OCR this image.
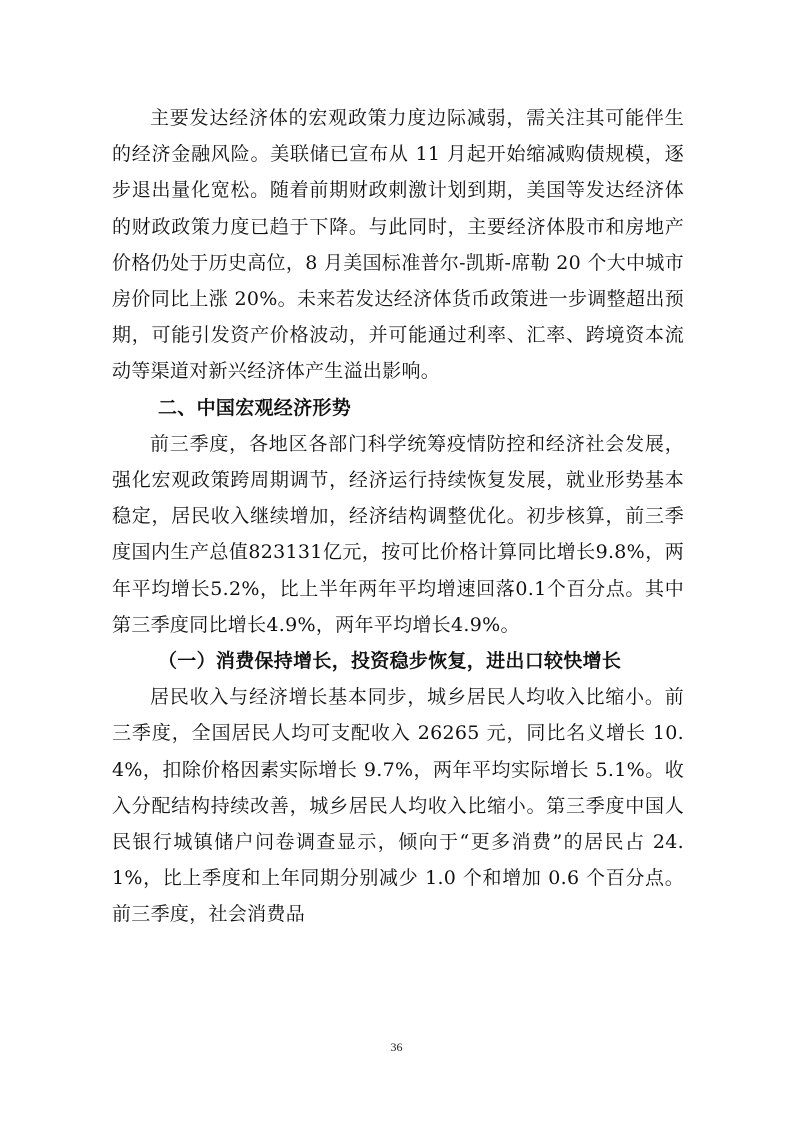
主要发达经济体的宏观政策力度边际减弱，需关注其可能伴生的经济金融风险。美联储已宣布从 11 月起开始缩减购债规模，逐步退出量化宽松。随着前期财政刺激计划到期，美国等发达经济体的财政政策力度已趋于下降。与此同时，主要经济体股市和房地产价格仍处于历史高位，8 月美国标准普尔-凯斯-席勒 20 个大中城市房价同比上涨 20%。未来若发达经济体货币政策进一步调整超出预期，可能引发资产价格波动，并可能通过利率、汇率、跨境资本流动等渠道对新兴经济体产生溢出影响。

二、中国宏观经济形势

前三季度，各地区各部门科学统筹疫情防控和经济社会发展，强化宏观政策跨周期调节，经济运行持续恢复发展，就业形势基本稳定，居民收入继续增加，经济结构调整优化。初步核算，前三季度国内生产总值823131亿元，按可比价格计算同比增长9.8%，两年平均增长5.2%，比上半年两年平均增速回落0.1个百分点。其中第三季度同比增长4.9%，两年平均增长4.9%。

（一）消费保持增长，投资稳步恢复，进出口较快增长

居民收入与经济增长基本同步，城乡居民人均收入比缩小。前三季度，全国居民人均可支配收入 26265 元，同比名义增长 10.4%，扣除价格因素实际增长 9.7%，两年平均实际增长 5.1%。收入分配结构持续改善，城乡居民人均收入比缩小。第三季度中国人民银行城镇储户问卷调查显示，倾向于“更多消费”的居民占 24.1%，比上季度和上年同期分别减少 1.0 个和增加 0.6 个百分点。前三季度，社会消费品

36
